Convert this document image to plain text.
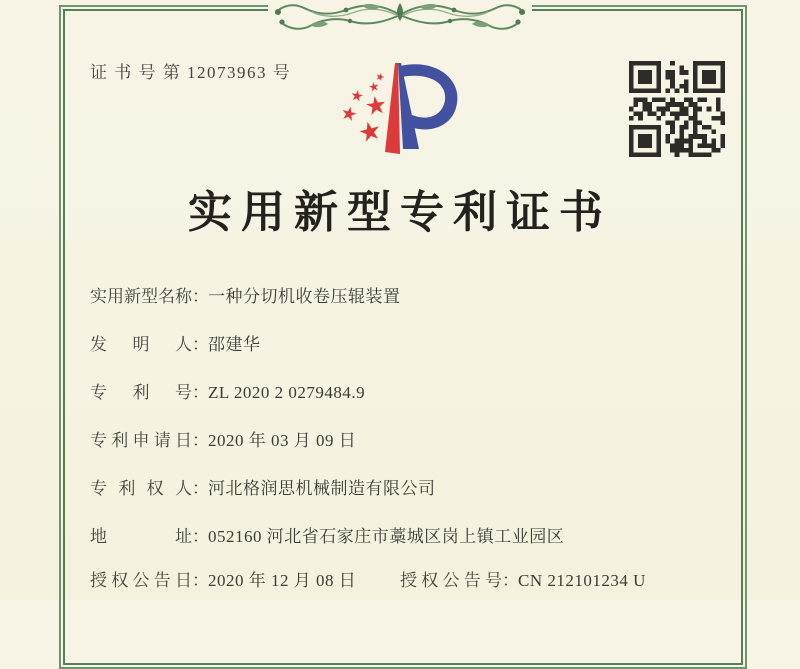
证 书 号 第 12073963 号
实用新型专利证书
实 用 新 型 名 称 ：一种分切机收卷压辊装置
发 明 人 ：邵建华
专 利 号 ：ZL 2020 2 0279484.9
专 利 申 请 日 ：2020 年 03 月 09 日
专 利 权 人 ：河北格润思机械制造有限公司
地	址 ：052160 河北省石家庄市藁城区岗上镇工业园区
授 权 公 告 日 ：2020 年 12 月 08 日	授 权 公 告 号 ：CN 212101234 U
